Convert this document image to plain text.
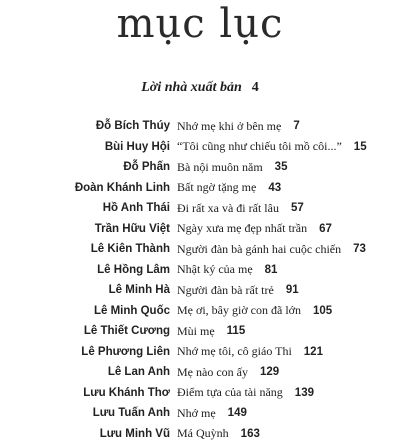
mục lục
Lời nhà xuất bản 4
Đỗ Bích Thúy Nhớ mẹ khi ở bên mẹ 7
Bùi Huy Hội “Tôi cũng như chiếu tôi mồ côi...” 15
Đỗ Phấn Bà nội muôn năm 35
Đoàn Khánh Linh Bất ngờ tặng mẹ 43
Hồ Anh Thái Đi rất xa và đi rất lâu 57
Trần Hữu Việt Ngày xưa mẹ đẹp nhất trần 67
Lê Kiên Thành Người đàn bà gánh hai cuộc chiến 73
Lê Hồng Lâm Nhật ký của mẹ 81
Lê Minh Hà Người đàn bà rất trẻ 91
Lê Minh Quốc Mẹ ơi, bây giờ con đã lớn 105
Lê Thiết Cương Mùi mẹ 115
Lê Phương Liên Nhớ mẹ tôi, cô giáo Thi 121
Lê Lan Anh Mẹ nào con ấy 129
Lưu Khánh Thơ Điểm tựa của tài năng 139
Lưu Tuấn Anh Nhớ mẹ 149
Lưu Minh Vũ Má Quỳnh 163
